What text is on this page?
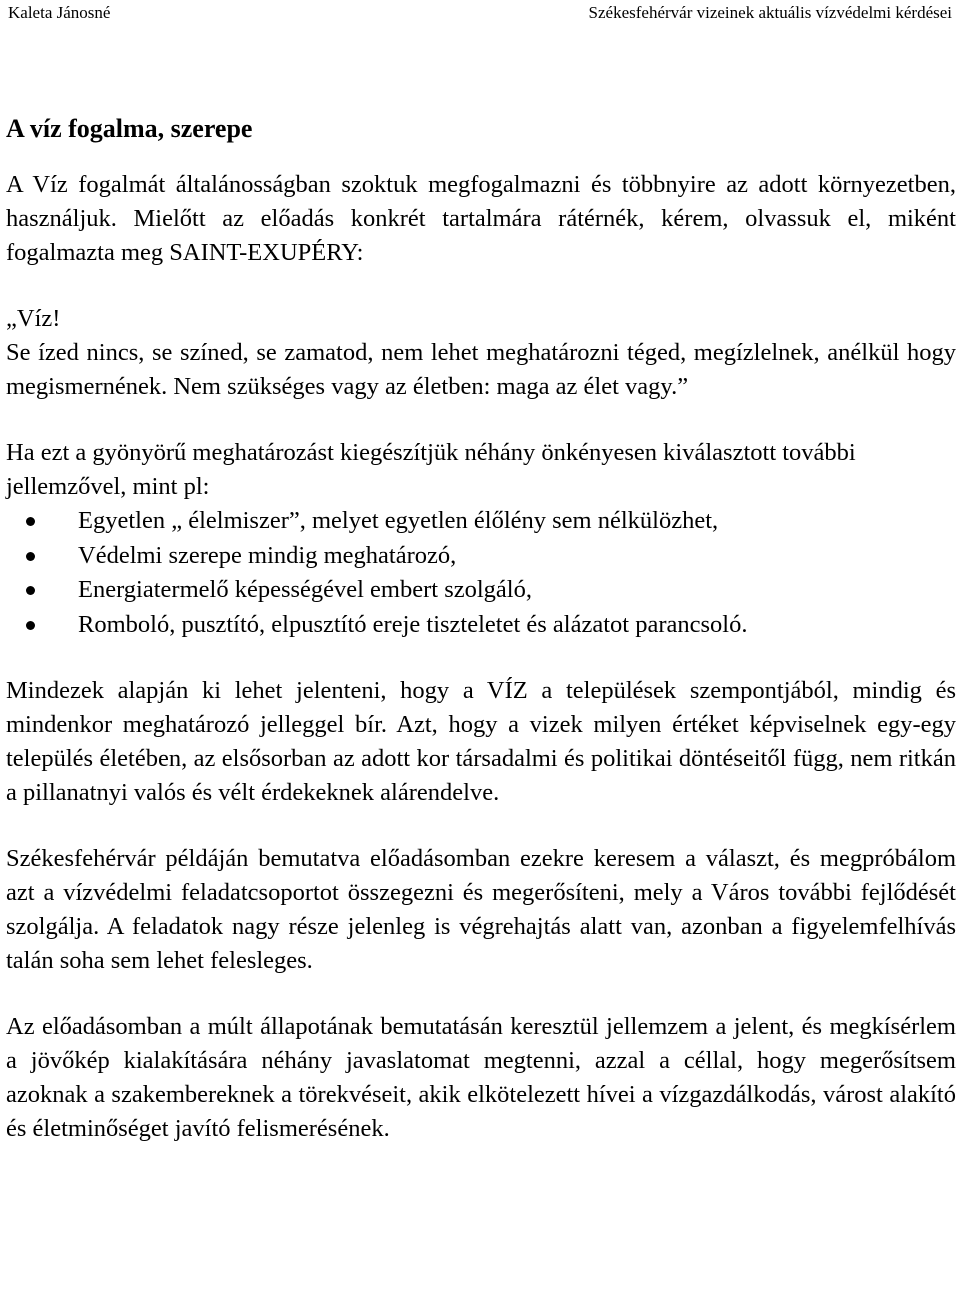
Kaleta Jánosné	Székesfehérvár vizeinek aktuális vízvédelmi kérdései
A víz fogalma, szerepe

A Víz fogalmát általánosságban szoktuk megfogalmazni és többnyire az adott környezetben, használjuk. Mielőtt az előadás konkrét tartalmára rátérnék, kérem, olvassuk el, miként fogalmazta meg SAINT-EXUPÉRY:

„Víz!
Se ízed nincs, se színed, se zamatod, nem lehet meghatározni téged, megízlelnek, anélkül hogy megismernének. Nem szükséges vagy az életben: maga az élet vagy.”

Ha ezt a gyönyörű meghatározást kiegészítjük néhány önkényesen kiválasztott további jellemzővel, mint pl:

Egyetlen „ élelmiszer”, melyet egyetlen élőlény sem nélkülözhet,
Védelmi szerepe mindig meghatározó,
Energiatermelő képességével embert szolgáló,
Romboló, pusztító, elpusztító ereje tiszteletet és alázatot parancsoló.

Mindezek alapján ki lehet jelenteni, hogy a VÍZ a települések szempontjából, mindig és mindenkor meghatározó jelleggel bír. Azt, hogy a vizek milyen értéket képviselnek egy-egy település életében, az elsősorban az adott kor társadalmi és politikai döntéseitől függ, nem ritkán a pillanatnyi valós és vélt érdekeknek alárendelve.

Székesfehérvár példáján bemutatva előadásomban ezekre keresem a választ, és megpróbálom azt a vízvédelmi feladatcsoportot összegezni és megerősíteni, mely a Város további fejlődését szolgálja. A feladatok nagy része jelenleg is végrehajtás alatt van, azonban a figyelemfelhívás talán soha sem lehet felesleges.

Az előadásomban a múlt állapotának bemutatásán keresztül jellemzem a jelent, és megkísérlem a jövőkép kialakítására néhány javaslatomat megtenni, azzal a céllal, hogy megerősítsem azoknak a szakembereknek a törekvéseit, akik elkötelezett hívei a vízgazdálkodás, várost alakító és életminőséget javító felismerésének.
